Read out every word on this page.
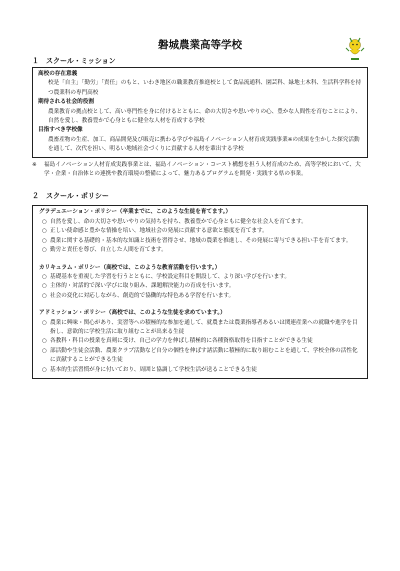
磐城農業高等学校
１　スクール・ミッション
高校の存在意義
校是「自主」「勤労」「責任」のもと、いわき地区の職業教育推進校として食品流通科、園芸科、緑地土木科、生活科学科を持つ農業科の専門高校
期待される社会的役割
農業教育の拠点校として、高い専門性を身に付けるとともに、命の大切さや思いやりの心、豊かな人間性を育むことにより、自然を愛し、教養豊かで心身ともに健全な人材を育成する学校
目指すべき学校像
農畜産物の生産、加工、商品開発及び販売に携わる学びや福島イノベーション人材育成実践事業※の成果を生かした探究活動を通して、次代を担い、明るい地域社会づくりに貢献する人材を輩出する学校
※	福島イノベーション人材育成実践事業とは、福島イノベーション・コースト構想を担う人材育成のため、高等学校において、大学・企業・自治体との連携や教育環境の整備によって、魅力あるプログラムを開発・実践する県の事業。
２　スクール・ポリシー
グラデュエーション・ポリシー（卒業までに、このような生徒を育てます。）
○ 自然を愛し、命の大切さや思いやりの気持ちを持ち、教養豊かで心身ともに健全な社会人を育てます。
○ 正しい使命感と豊かな情操を培い、地域社会の発展に貢献する意欲と態度を育てます。
○ 農業に関する基礎的・基本的な知識と技術を習得させ、地域の農業を推進し、その発展に寄与できる担い手を育てます。
○ 勤労と責任を尊び、自立した人間を育てます。
カリキュラム・ポリシー（高校では、このような教育活動を行います。）
○ 基礎基本を重視した学習を行うとともに、学校設定科目を開設して、より深い学びを行います。
○ 主体的・対話的で深い学びに取り組み、課題解決能力の育成を行います。
○ 社会の変化に対応しながら、創造的で協働的な特色ある学習を行います。
アドミッション・ポリシー（高校では、このような生徒を求めています。）
○ 農業に興味・関心があり、実習等への積極的な参加を通して、就農または農業指導者あるいは関連産業への就職や進学を目指し、意欲的に学校生活に取り組むことが出来る生徒
○ 各教科・科目の授業を真剣に受け、自己の学力を伸ばし積極的に各種資格取得を目指すことができる生徒
○ 部活動や生徒会活動、農業クラブ活動など自分の個性を伸ばす諸活動に積極的に取り組むことを通して、学校全体の活性化に貢献することができる生徒
○ 基本的生活習慣が身に付いており、周囲と協調して学校生活が送ることできる生徒
